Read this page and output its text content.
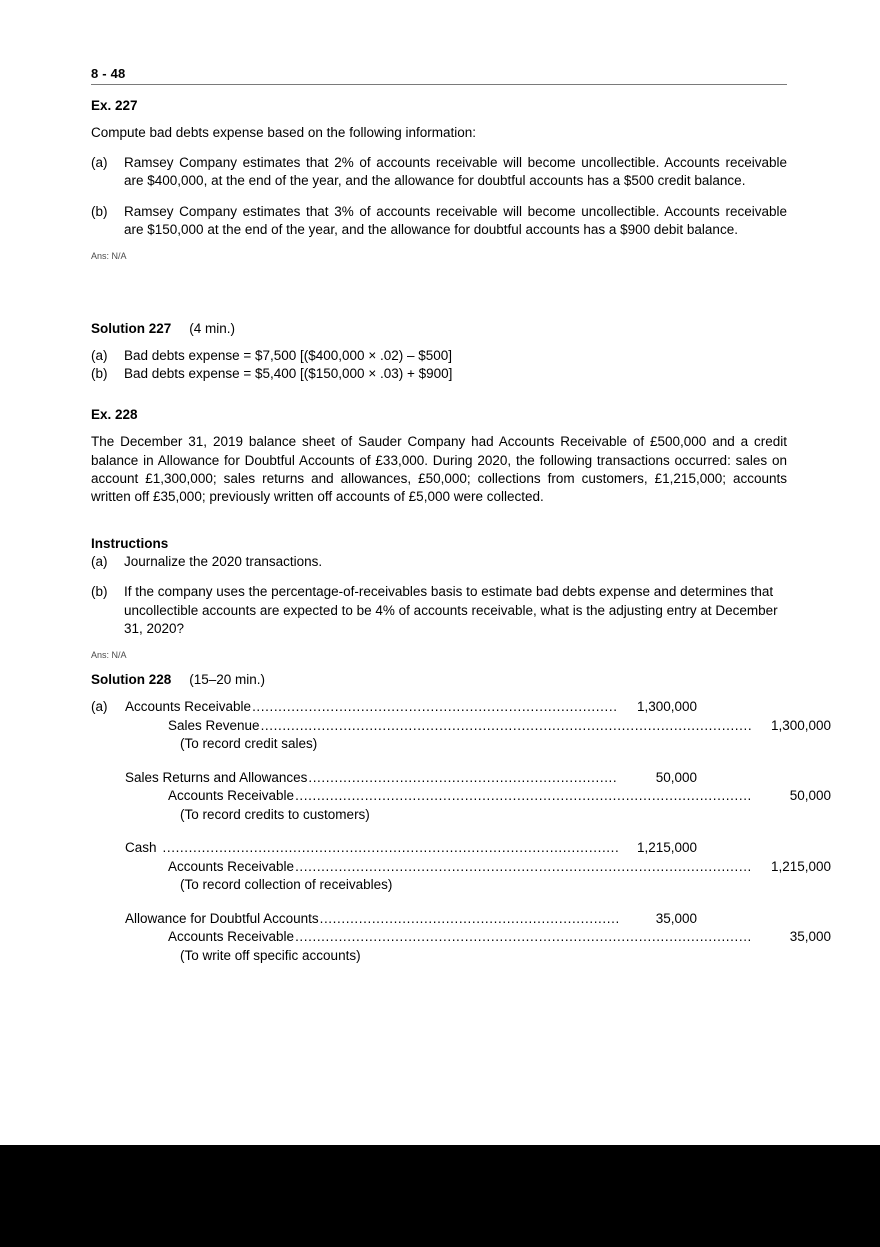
8 - 48
Ex. 227
Compute bad debts expense based on the following information:
(a)	Ramsey Company estimates that 2% of accounts receivable will become uncollectible. Accounts receivable are $400,000, at the end of the year, and the allowance for doubtful accounts has a $500 credit balance.
(b)	Ramsey Company estimates that 3% of accounts receivable will become uncollectible. Accounts receivable are $150,000 at the end of the year, and the allowance for doubtful accounts has a $900 debit balance.
Ans: N/A
Solution 227 (4 min.)
(a)	Bad debts expense = $7,500 [($400,000 × .02) – $500]
(b)	Bad debts expense = $5,400 [($150,000 × .03) + $900]
Ex. 228
The December 31, 2019 balance sheet of Sauder Company had Accounts Receivable of £500,000 and a credit balance in Allowance for Doubtful Accounts of £33,000. During 2020, the following transactions occurred: sales on account £1,300,000; sales returns and allowances, £50,000; collections from customers, £1,215,000; accounts written off £35,000; previously written off accounts of £5,000 were collected.
Instructions
(a)	Journalize the 2020 transactions.
(b)	If the company uses the percentage-of-receivables basis to estimate bad debts expense and determines that uncollectible accounts are expected to be 4% of accounts receivable, what is the adjusting entry at December 31, 2020?
Ans: N/A
Solution 228 (15–20 min.)
(a)	Accounts Receivable .....	1,300,000
Sales Revenue .....	1,300,000
(To record credit sales)
Sales Returns and Allowances .....	50,000
Accounts Receivable .....	50,000
(To record credits to customers)
Cash .....	1,215,000
Accounts Receivable .....	1,215,000
(To record collection of receivables)
Allowance for Doubtful Accounts .....	35,000
Accounts Receivable .....	35,000
(To write off specific accounts)
